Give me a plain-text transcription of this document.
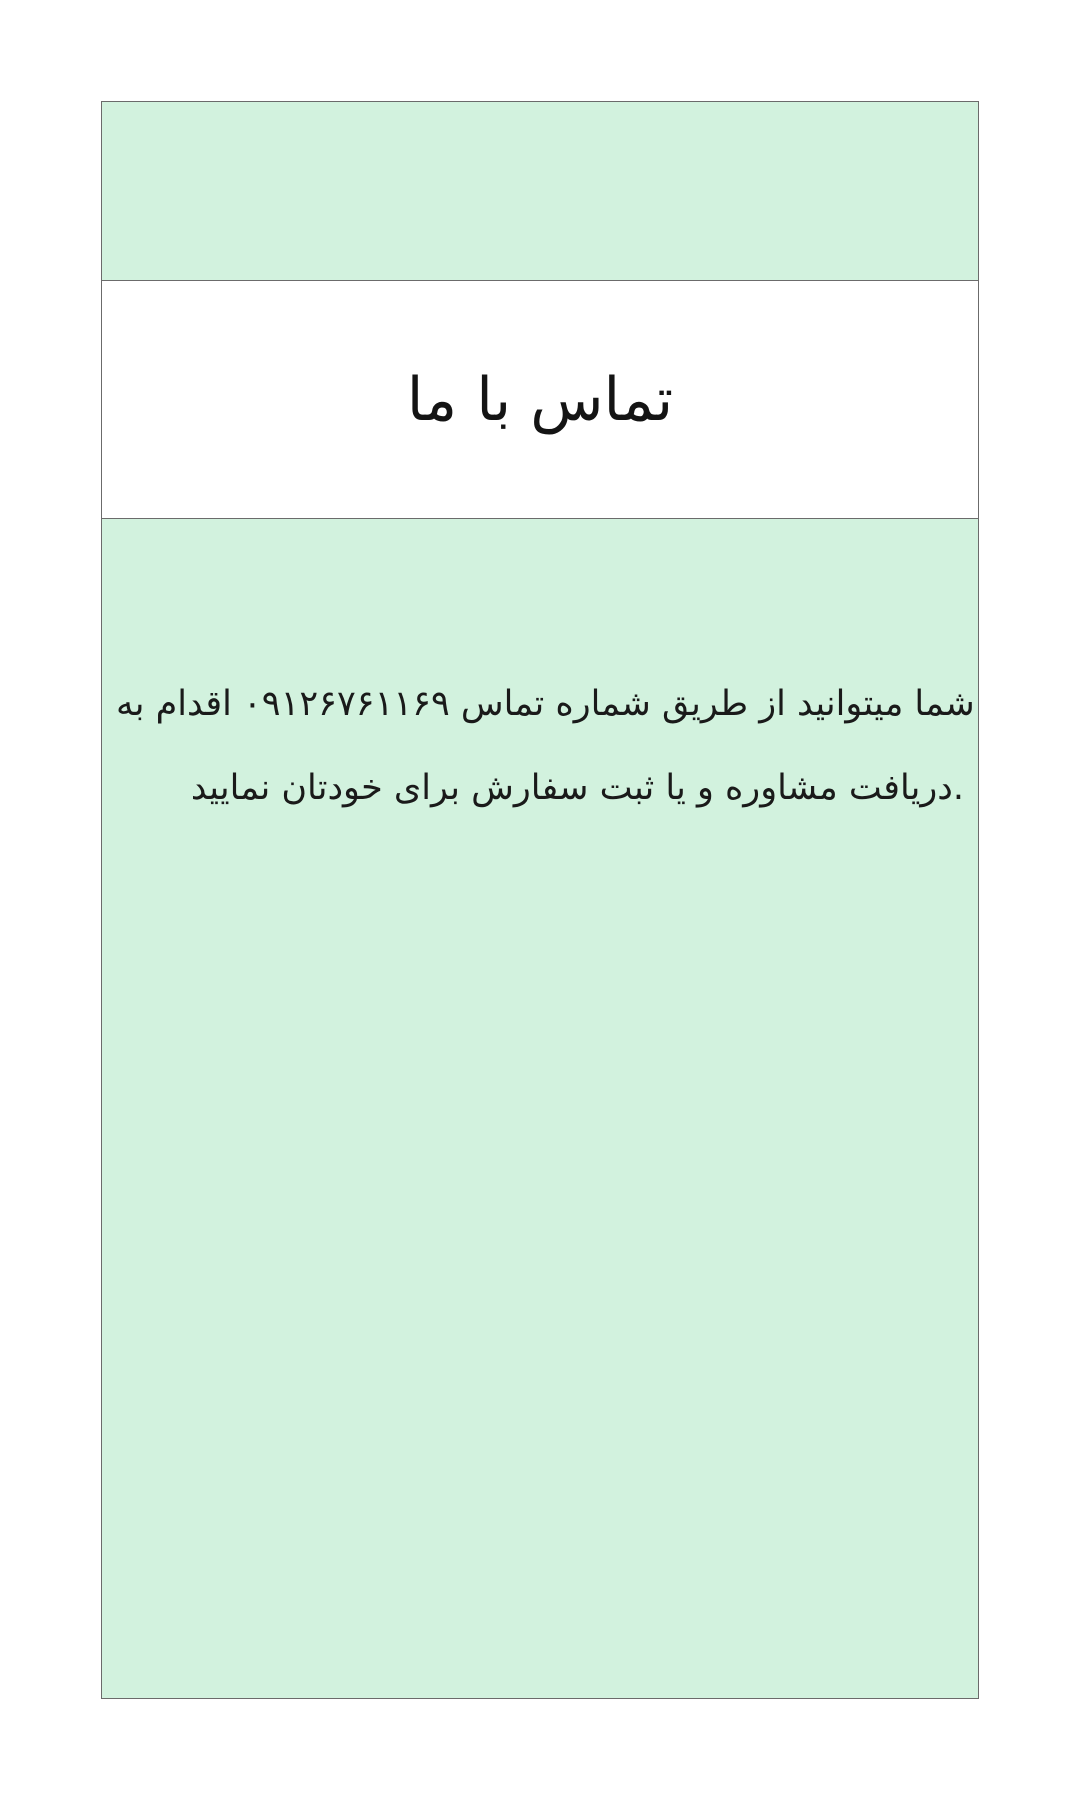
تماس با ما
شما میتوانید از طریق شماره تماس ۰۹۱۲۶۷۶۱۱۶۹ اقدام به
دریافت مشاوره و یا ثبت سفارش برای خودتان نمایید.
